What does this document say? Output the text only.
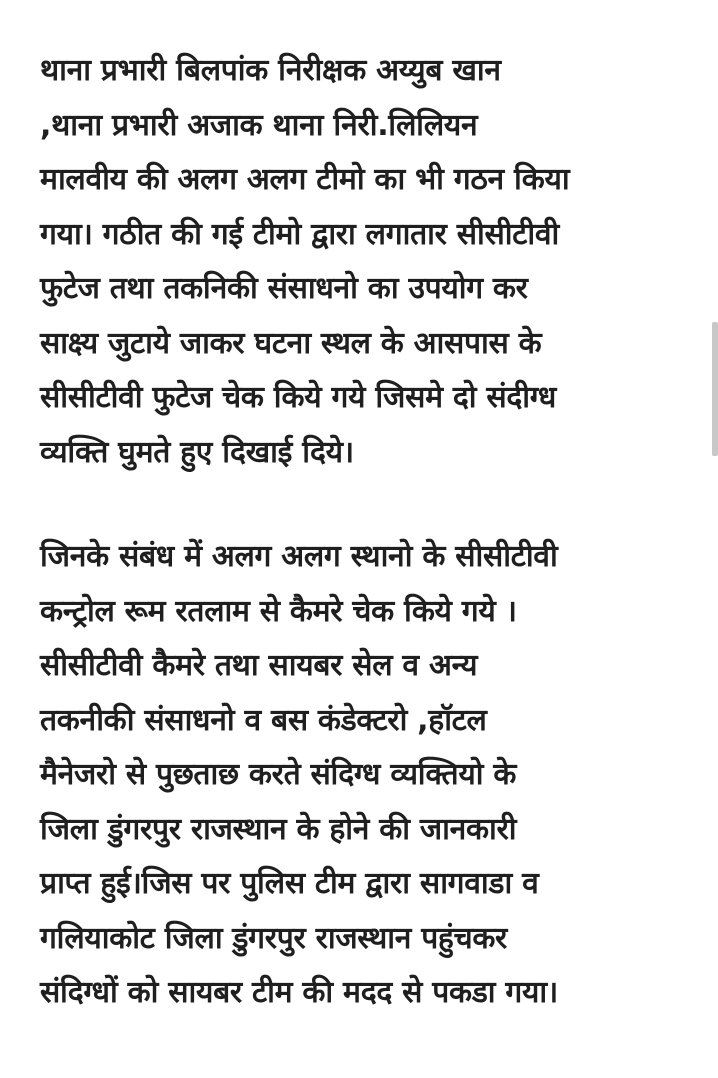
थाना प्रभारी बिलपांक निरीक्षक अय्युब खान
,थाना प्रभारी अजाक थाना निरी.लिलियन
मालवीय की अलग अलग टीमो का भी गठन किया
गया। गठीत की गई टीमो द्वारा लगातार सीसीटीवी
फुटेज तथा तकनिकी संसाधनो का उपयोग कर
साक्ष्य जुटाये जाकर घटना स्थल के आसपास के
सीसीटीवी फुटेज चेक किये गये जिसमे दो संदीग्ध
व्यक्ति घुमते हुए दिखाई दिये।

जिनके संबंध में अलग अलग स्थानो के सीसीटीवी
कन्ट्रोल रूम रतलाम से कैमरे चेक किये गये ।
सीसीटीवी कैमरे तथा सायबर सेल व अन्य
तकनीकी संसाधनो व बस कंडेक्टरो ,हॉटल
मैनेजरो से पुछताछ करते संदिग्ध व्यक्तियो के
जिला डुंगरपुर राजस्थान के होने की जानकारी
प्राप्त हुई।जिस पर पुलिस टीम द्वारा सागवाडा व
गलियाकोट जिला डुंगरपुर राजस्थान पहुंचकर
संदिग्धों को सायबर टीम की मदद से पकडा गया।
